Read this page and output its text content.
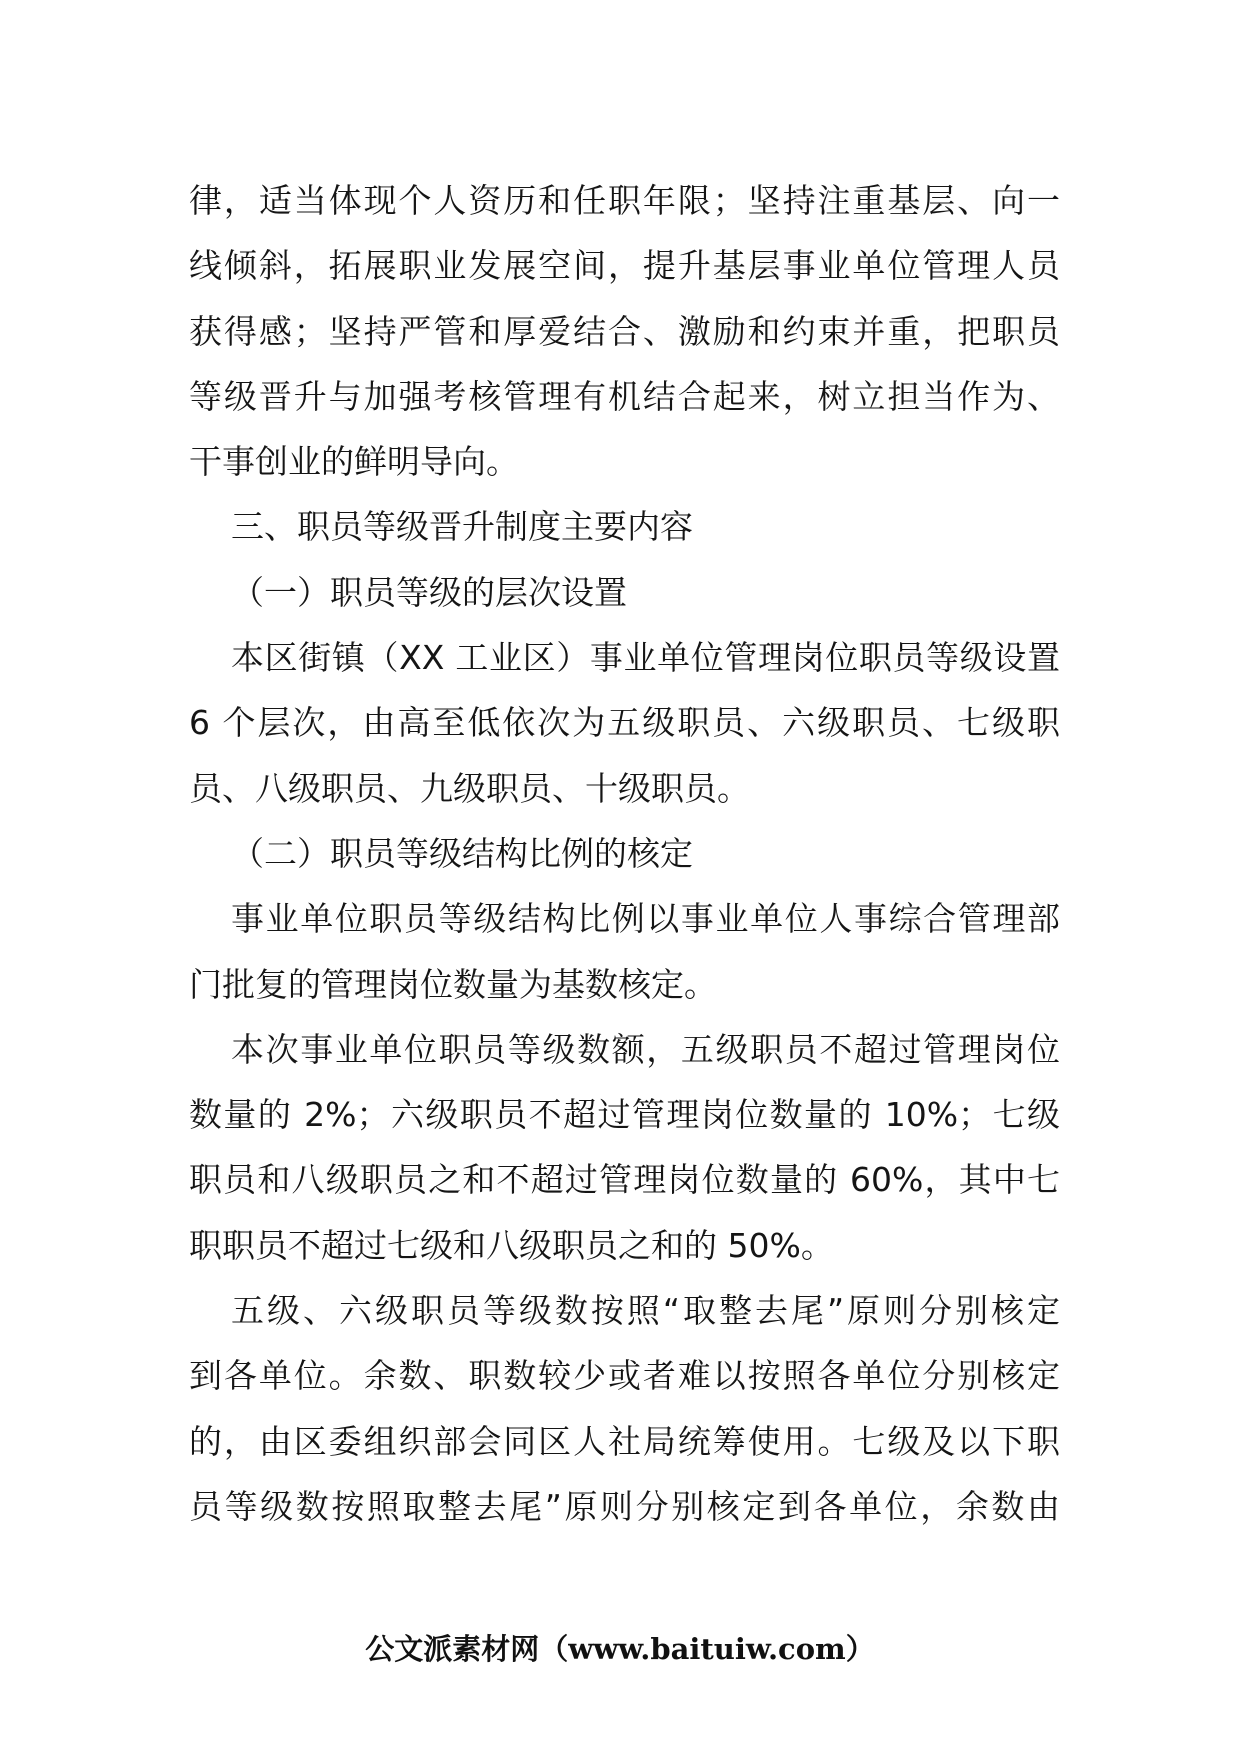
律，适当体现个人资历和任职年限；坚持注重基层、向一
线倾斜，拓展职业发展空间，提升基层事业单位管理人员
获得感；坚持严管和厚爱结合、激励和约束并重，把职员
等级晋升与加强考核管理有机结合起来，树立担当作为、
干事创业的鲜明导向。
三、职员等级晋升制度主要内容
（一）职员等级的层次设置
本区街镇（XX 工业区）事业单位管理岗位职员等级设置
6 个层次，由高至低依次为五级职员、六级职员、七级职
员、八级职员、九级职员、十级职员。
（二）职员等级结构比例的核定
事业单位职员等级结构比例以事业单位人事综合管理部
门批复的管理岗位数量为基数核定。
本次事业单位职员等级数额，五级职员不超过管理岗位
数量的 2%；六级职员不超过管理岗位数量的 10%；七级
职员和八级职员之和不超过管理岗位数量的 60%，其中七
职职员不超过七级和八级职员之和的 50%。
五级、六级职员等级数按照“取整去尾”原则分别核定
到各单位。余数、职数较少或者难以按照各单位分别核定
的，由区委组织部会同区人社局统筹使用。七级及以下职
员等级数按照取整去尾”原则分别核定到各单位，余数由
公文派素材网（www.baituiw.com）
